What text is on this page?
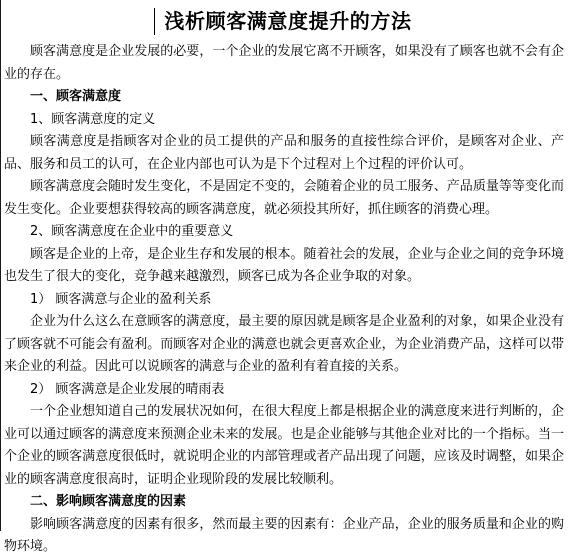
浅析顾客满意度提升的方法

顾客满意度是企业发展的必要，一个企业的发展它离不开顾客，如果没有了顾客也就不会有企业的存在。

一、顾客满意度

1、顾客满意度的定义

顾客满意度是指顾客对企业的员工提供的产品和服务的直接性综合评价，是顾客对企业、产品、服务和员工的认可，在企业内部也可认为是下个过程对上个过程的评价认可。

顾客满意度会随时发生变化，不是固定不变的，会随着企业的员工服务、产品质量等等变化而发生变化。企业要想获得较高的顾客满意度，就必须投其所好，抓住顾客的消费心理。

2、顾客满意度在企业中的重要意义

顾客是企业的上帝，是企业生存和发展的根本。随着社会的发展，企业与企业之间的竞争环境也发生了很大的变化，竞争越来越激烈，顾客已成为各企业争取的对象。

1） 顾客满意与企业的盈利关系

企业为什么这么在意顾客的满意度，最主要的原因就是顾客是企业盈利的对象，如果企业没有了顾客就不可能会有盈利。而顾客对企业的满意也就会更喜欢企业，为企业消费产品，这样可以带来企业的利益。因此可以说顾客的满意与企业的盈利有着直接的关系。

2） 顾客满意是企业发展的晴雨表

一个企业想知道自己的发展状况如何，在很大程度上都是根据企业的满意度来进行判断的，企业可以通过顾客的满意度来预测企业未来的发展。也是企业能够与其他企业对比的一个指标。当一个企业的顾客满意度很低时，就说明企业的内部管理或者产品出现了问题，应该及时调整，如果企业的顾客满意度很高时，证明企业现阶段的发展比较顺利。

二、影响顾客满意度的因素

影响顾客满意度的因素有很多，然而最主要的因素有：企业产品，企业的服务质量和企业的购物环境。
